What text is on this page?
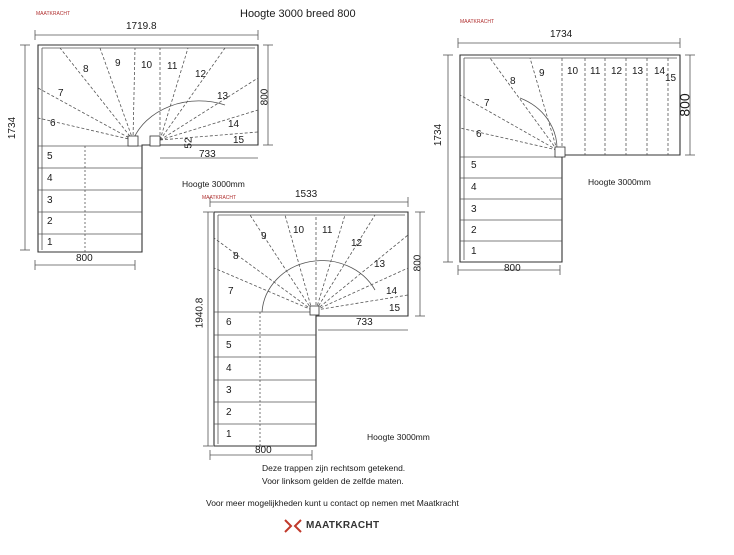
Hoogte 3000 breed 800
MAATKRACHT
1719.8
1734
800
800
733
52
1
2
3
4
5
6
7
8
9 10 11
12
13
14
15
MAATKRACHT
1734
1734
800
800
Hoogte 3000mm
1
2
3
4
5
6
7
8
9 10 11 12 13 14
15
Hoogte 3000mm
MAATKRACHT	1533
1940.8
800
800
733
Hoogte 3000mm
1
2
3
4
5
6
7
8
9
10 11
12
13
14
15
Deze trappen zijn rechtsom getekend.
Voor linksom gelden de zelfde maten.
Voor meer mogelijkheden kunt u contact op nemen met Maatkracht
MAATKRACHT
